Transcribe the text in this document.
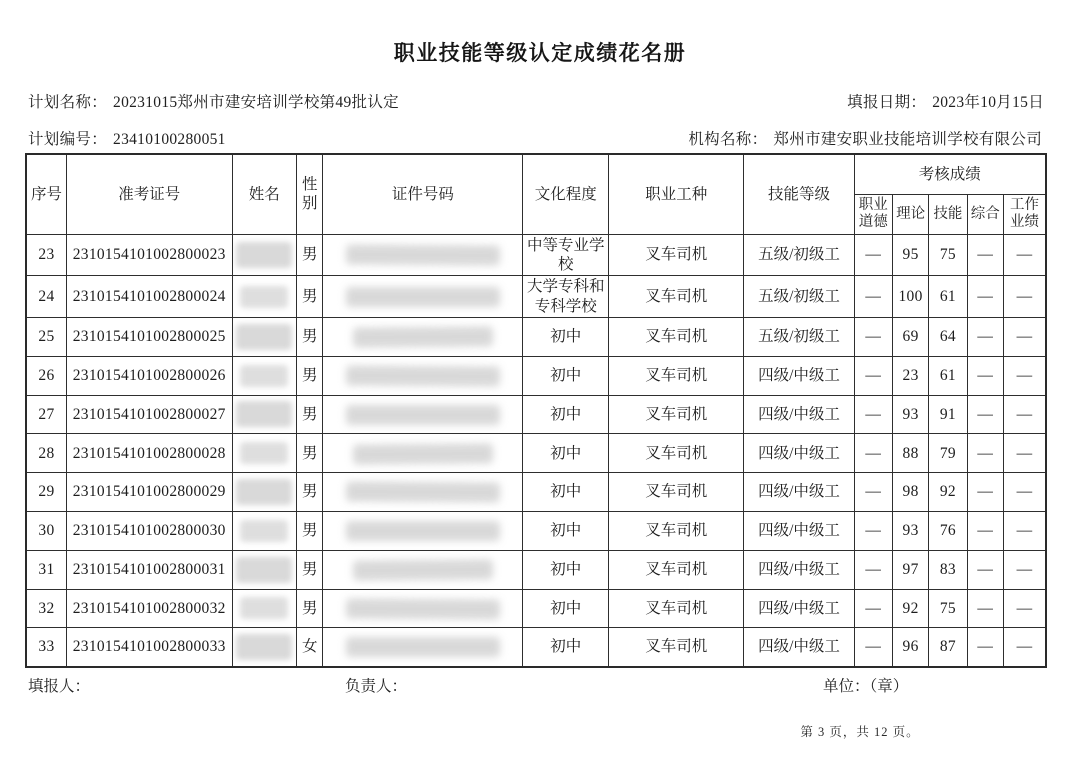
职业技能等级认定成绩花名册
计划名称： 20231015郑州市建安培训学校第49批认定	填报日期： 2023年10月15日
计划编号： 23410100280051	机构名称： 郑州市建安职业技能培训学校有限公司
序号	准考证号	姓名	性别	证件号码	文化程度	职业工种	技能等级	考核成绩				
								职业道德	理论	技能	综合	工作业绩
23	2310154101002800023		男		中等专业学校	叉车司机	五级/初级工	—	95	75	—	—
24	2310154101002800024		男		大学专科和专科学校	叉车司机	五级/初级工	—	100	61	—	—
25	2310154101002800025		男		初中	叉车司机	五级/初级工	—	69	64	—	—
26	2310154101002800026		男		初中	叉车司机	四级/中级工	—	23	61	—	—
27	2310154101002800027		男		初中	叉车司机	四级/中级工	—	93	91	—	—
28	2310154101002800028		男		初中	叉车司机	四级/中级工	—	88	79	—	—
29	2310154101002800029		男		初中	叉车司机	四级/中级工	—	98	92	—	—
30	2310154101002800030		男		初中	叉车司机	四级/中级工	—	93	76	—	—
31	2310154101002800031		男		初中	叉车司机	四级/中级工	—	97	83	—	—
32	2310154101002800032		男		初中	叉车司机	四级/中级工	—	92	75	—	—
33	2310154101002800033		女		初中	叉车司机	四级/中级工	—	96	87	—	—
填报人：	负责人：	单位：（章）
第 3 页，共 12 页。
